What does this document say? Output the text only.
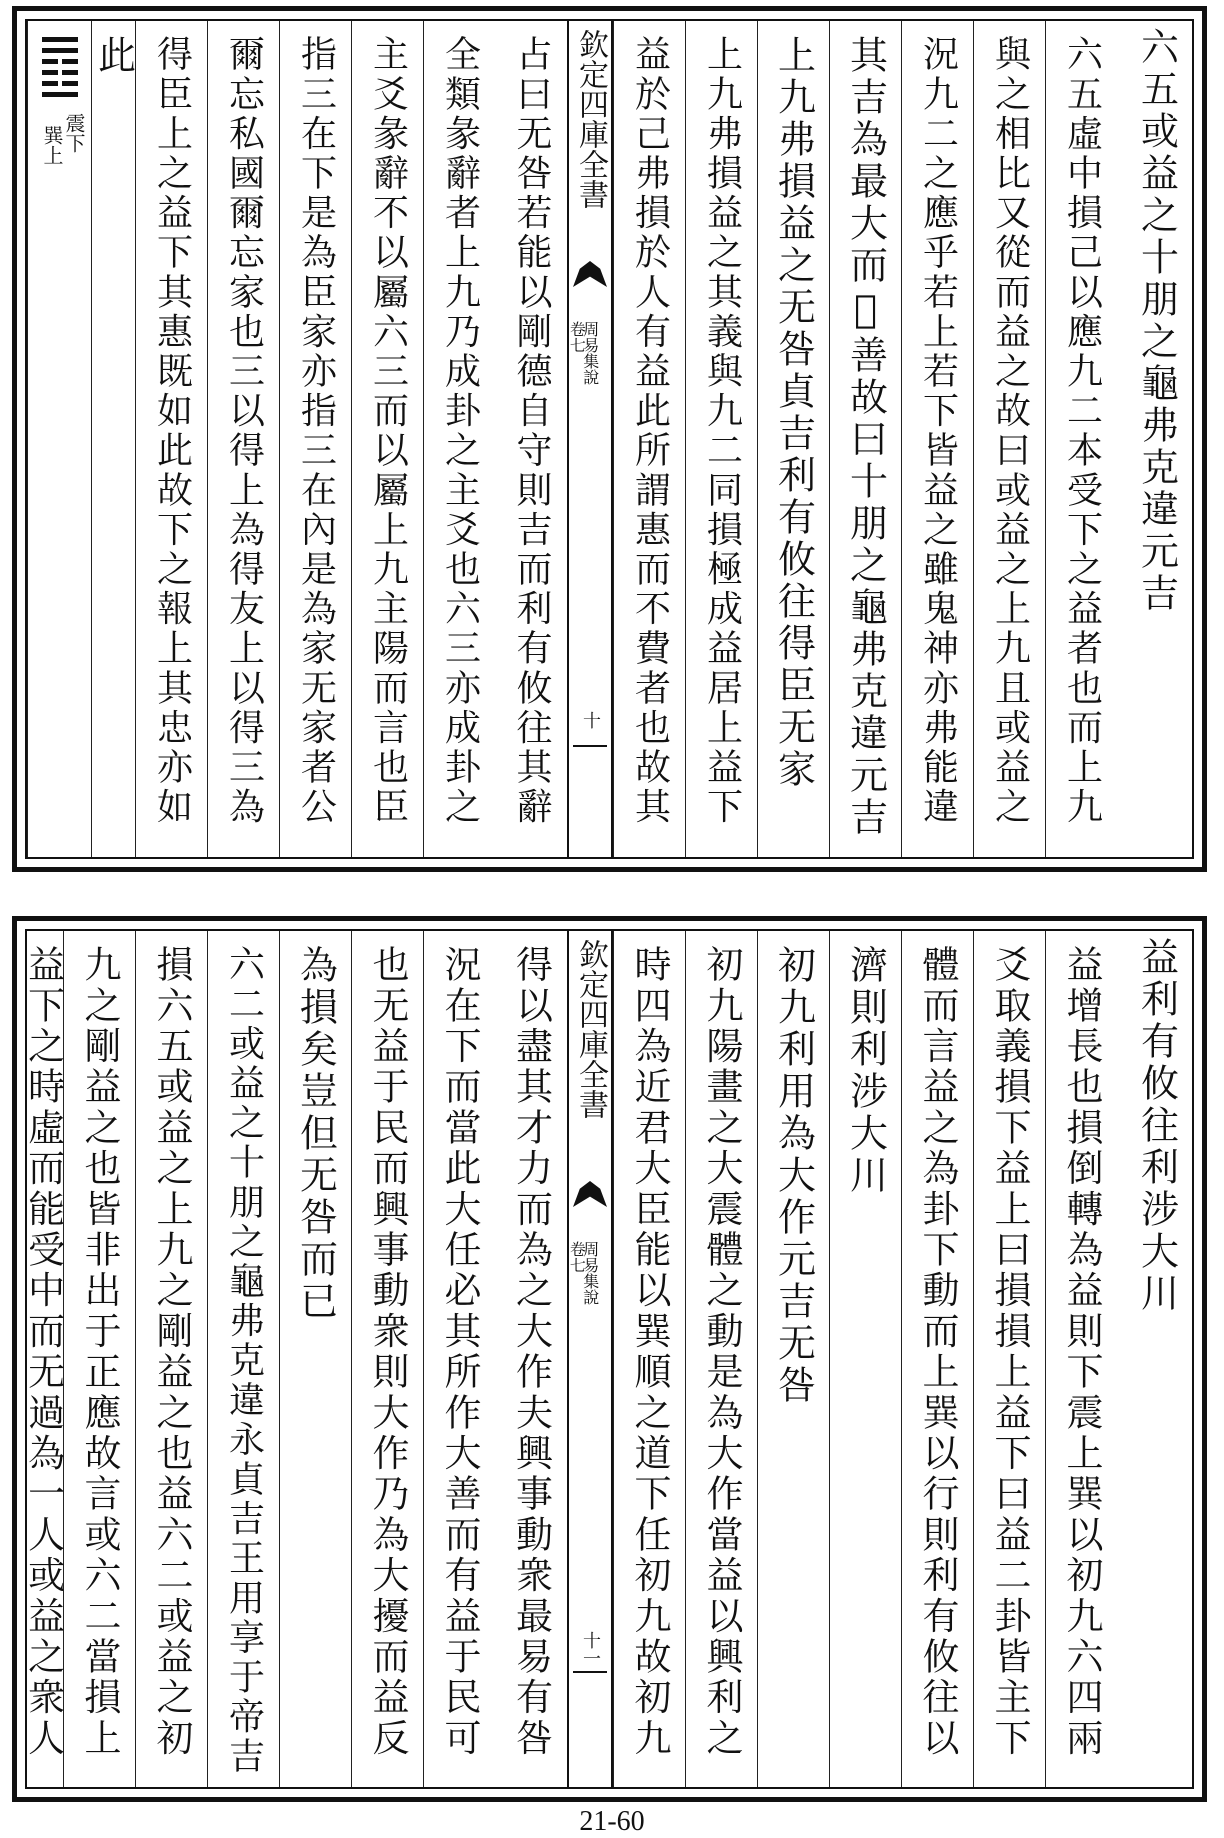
六五或益之十朋之龜弗克違元吉
六五虛中損己以應九二本受下之益者也而上九
與之相比又從而益之故曰或益之上九且或益之
況九二之應乎若上若下皆益之雖鬼神亦弗能違
其吉為最大而𥪡善故曰十朋之龜弗克違元吉
上九弗損益之无咎貞吉利有攸往得臣无家
上九弗損益之其義與九二同損極成益居上益下
益於己弗損於人有益此所謂惠而不費者也故其
欽定四庫全書
周易集說
卷七
十
占曰无咎若能以剛德自守則吉而利有攸往其辭
全類彖辭者上九乃成卦之主爻也六三亦成卦之
主爻彖辭不以屬六三而以屬上九主陽而言也臣
指三在下是為臣家亦指三在內是為家无家者公
爾忘私國爾忘家也三以得上為得友上以得三為
得臣上之益下其惠既如此故下之報上其忠亦如
此
震下
巽上
益利有攸往利涉大川
益增長也損倒轉為益則下震上巽以初九六四兩
爻取義損下益上曰損損上益下曰益二卦皆主下
體而言益之為卦下動而上巽以行則利有攸往以
濟則利涉大川
初九利用為大作元吉无咎
初九陽畫之大震體之動是為大作當益以興利之
時四為近君大臣能以巽順之道下任初九故初九
欽定四庫全書
周易集說
卷七
十一
得以盡其才力而為之大作夫興事動衆最易有咎
況在下而當此大任必其所作大善而有益于民可
也无益于民而興事動衆則大作乃為大擾而益反
為損矣豈但无咎而已
六二或益之十朋之龜弗克違永貞吉王用享于帝吉
損六五或益之上九之剛益之也益六二或益之初
九之剛益之也皆非出于正應故言或六二當損上
益下之時虛而能受中而无過為一人或益之衆人
21-60
